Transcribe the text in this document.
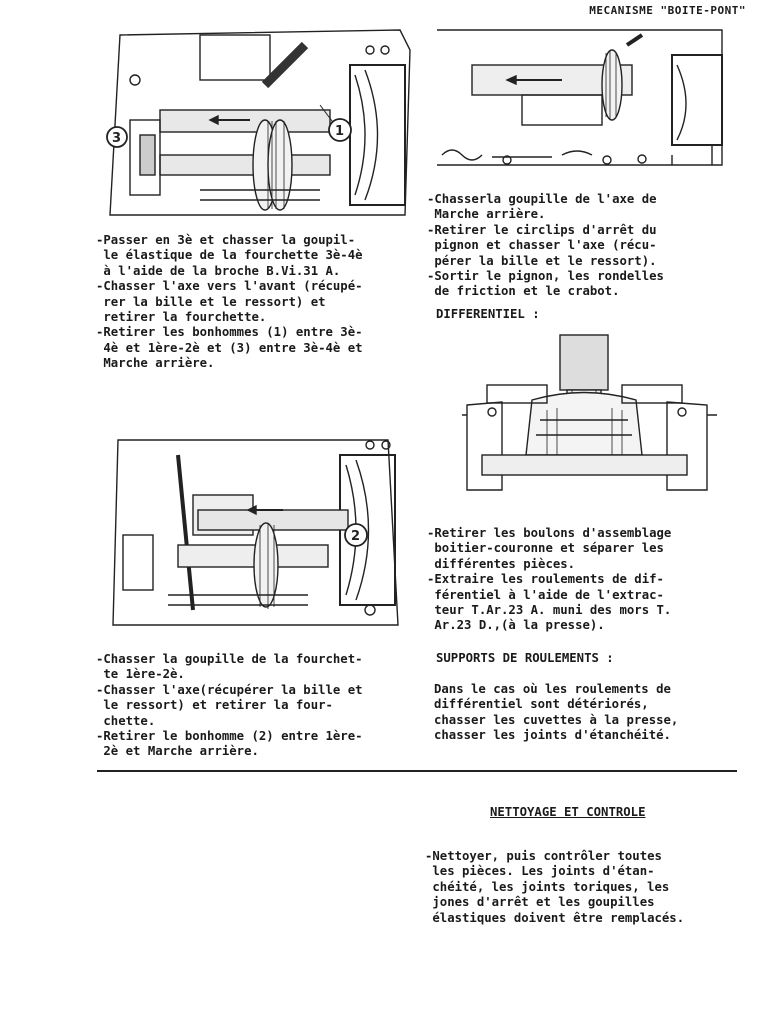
MECANISME "BOITE-PONT"
1
3
2

-Passer en 3è et chasser la goupil-
le élastique de la fourchette 3è-4è
à l'aide de la broche B.Vi.31 A.
-Chasser l'axe vers l'avant (récupé-
rer la bille et le ressort) et
retirer la fourchette.
-Retirer les bonhommes (1) entre 3è-
4è et 1ère-2è et (3) entre 3è-4è et
Marche arrière.

-Chasserla goupille de l'axe de
Marche arrière.
-Retirer le circlips d'arrêt du
pignon et chasser l'axe (récu-
pérer la bille et le ressort).
-Sortir le pignon, les rondelles
de friction et le crabot.

DIFFERENTIEL :

-Retirer les boulons d'assemblage
boitier-couronne et séparer les
différentes pièces.
-Extraire les roulements de dif-
férentiel à l'aide de l'extrac-
teur T.Ar.23 A. muni des mors T.
Ar.23 D.,(à la presse).

-Chasser la goupille de la fourchet-
te 1ère-2è.
-Chasser l'axe(récupérer la bille et
le ressort) et retirer la four-
chette.
-Retirer le bonhomme (2) entre 1ère-
2è et Marche arrière.

SUPPORTS DE ROULEMENTS :

Dans le cas où les roulements de
différentiel sont détériorés,
chasser les cuvettes à la presse,
chasser les joints d'étanchéité.

NETTOYAGE ET CONTROLE

-Nettoyer, puis contrôler toutes
les pièces. Les joints d'étan-
chéité, les joints toriques, les
jones d'arrêt et les goupilles
élastiques doivent être remplacés.
